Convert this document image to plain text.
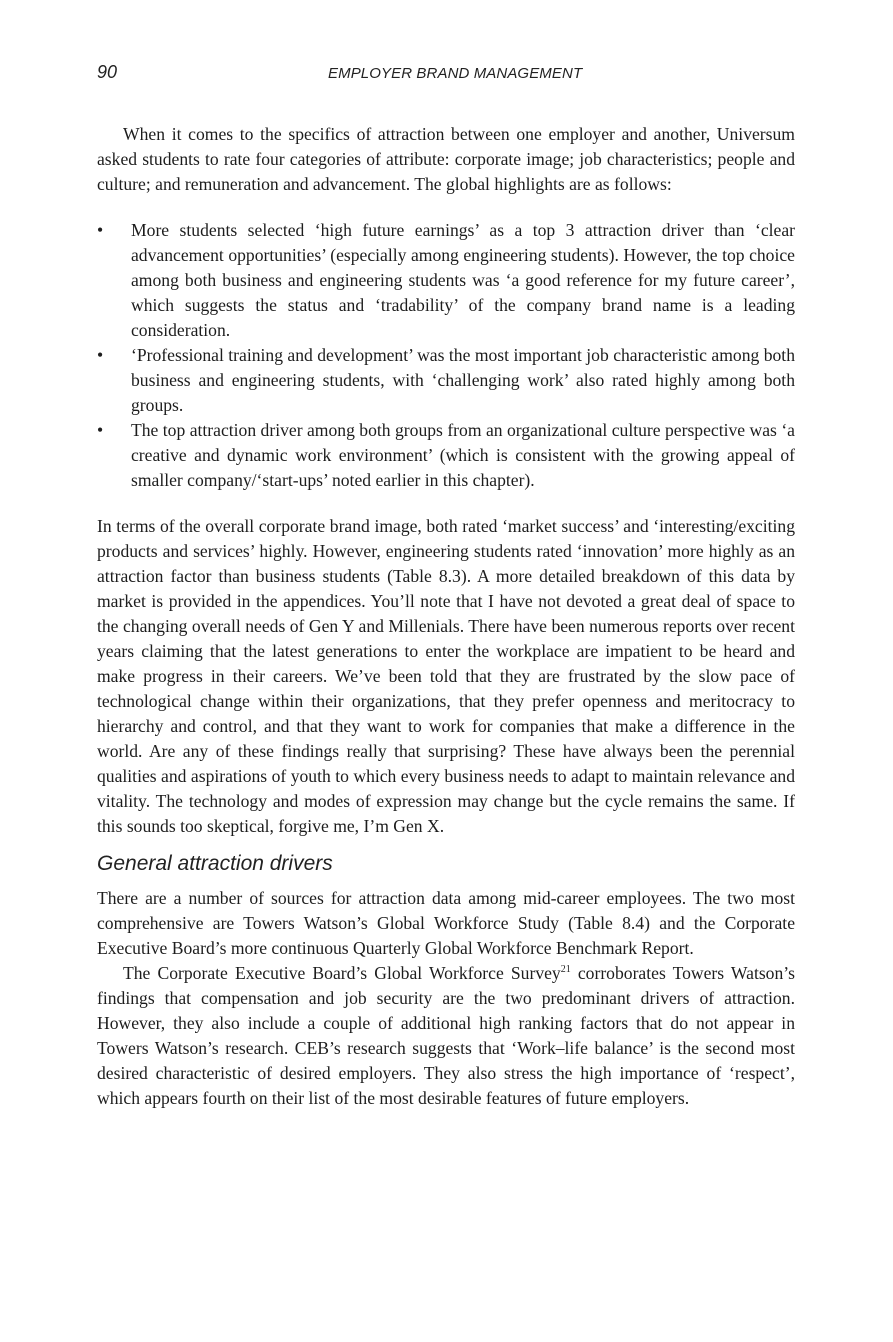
90	EMPLOYER BRAND MANAGEMENT

When it comes to the specifics of attraction between one employer and another, Universum asked students to rate four categories of attribute: corporate image; job characteristics; people and culture; and remuneration and advancement. The global highlights are as follows:

•	More students selected ‘high future earnings’ as a top 3 attraction driver than ‘clear advancement opportunities’ (especially among engineering students). However, the top choice among both business and engineering students was ‘a good reference for my future career’, which suggests the status and ‘tradability’ of the company brand name is a leading consideration.
•	‘Professional training and development’ was the most important job characteristic among both business and engineering students, with ‘challenging work’ also rated highly among both groups.
•	The top attraction driver among both groups from an organizational culture perspective was ‘a creative and dynamic work environment’ (which is consistent with the growing appeal of smaller company/‘start-ups’ noted earlier in this chapter).

In terms of the overall corporate brand image, both rated ‘market success’ and ‘interesting/exciting products and services’ highly. However, engineering students rated ‘innovation’ more highly as an attraction factor than business students (Table 8.3). A more detailed breakdown of this data by market is provided in the appendices. You’ll note that I have not devoted a great deal of space to the changing overall needs of Gen Y and Millenials. There have been numerous reports over recent years claiming that the latest generations to enter the workplace are impatient to be heard and make progress in their careers. We’ve been told that they are frustrated by the slow pace of technological change within their organizations, that they prefer openness and meritocracy to hierarchy and control, and that they want to work for companies that make a difference in the world. Are any of these findings really that surprising? These have always been the perennial qualities and aspirations of youth to which every business needs to adapt to maintain relevance and vitality. The technology and modes of expression may change but the cycle remains the same. If this sounds too skeptical, forgive me, I’m Gen X.

General attraction drivers

There are a number of sources for attraction data among mid-career employees. The two most comprehensive are Towers Watson’s Global Workforce Study (Table 8.4) and the Corporate Executive Board’s more continuous Quarterly Global Workforce Benchmark Report.

The Corporate Executive Board’s Global Workforce Survey$^{21}$ corroborates Towers Watson’s findings that compensation and job security are the two predominant drivers of attraction. However, they also include a couple of additional high ranking factors that do not appear in Towers Watson’s research. CEB’s research suggests that ‘Work–life balance’ is the second most desired characteristic of desired employers. They also stress the high importance of ‘respect’, which appears fourth on their list of the most desirable features of future employers.
